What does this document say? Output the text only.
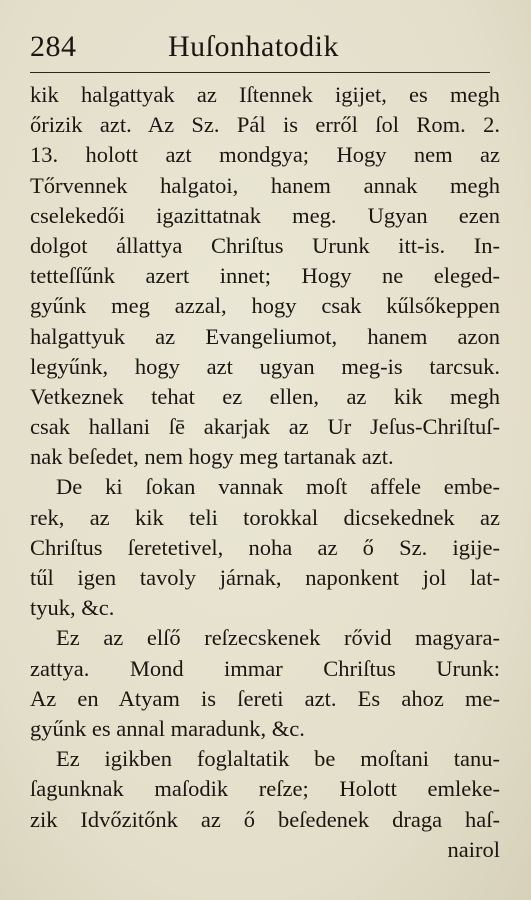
284	Huſonhatodik
kik halgattyak az Iſtennek igijet, es megh
őrizik azt. Az Sz. Pál is erről ſol Rom. 2.
13. holott azt mondgya; Hogy nem az
Tőrvennek halgatoi, hanem annak megh
cselekedői igazittatnak meg. Ugyan ezen
dolgot állattya Chriſtus Urunk itt-is. In-
tetteſſűnk azert innet; Hogy ne eleged-
gyűnk meg azzal, hogy csak kűlsőkeppen
halgattyuk az Evangeliumot, hanem azon
legyűnk, hogy azt ugyan meg-is tarcsuk.
Vetkeznek tehat ez ellen, az kik megh
csak hallani ſē akarjak az Ur Jeſus-Chriſtuſ-
nak beſedet, nem hogy meg tartanak azt.
De ki ſokan vannak moſt affele embe-
rek, az kik teli torokkal dicsekednek az
Chriſtus ſeretetivel, noha az ő Sz. igije-
tűl igen tavoly járnak, naponkent jol lat-
tyuk, &c.
Ez az elſő reſzecskenek rővid magyara-
zattya. Mond immar Chriſtus Urunk:
Az en Atyam is ſereti azt. Es ahoz me-
gyűnk es annal maradunk, &c.
Ez igikben foglaltatik be moſtani tanu-
ſagunknak maſodik reſze; Holott emleke-
zik Idvőzitőnk az ő beſedenek draga haſ-
nairol
